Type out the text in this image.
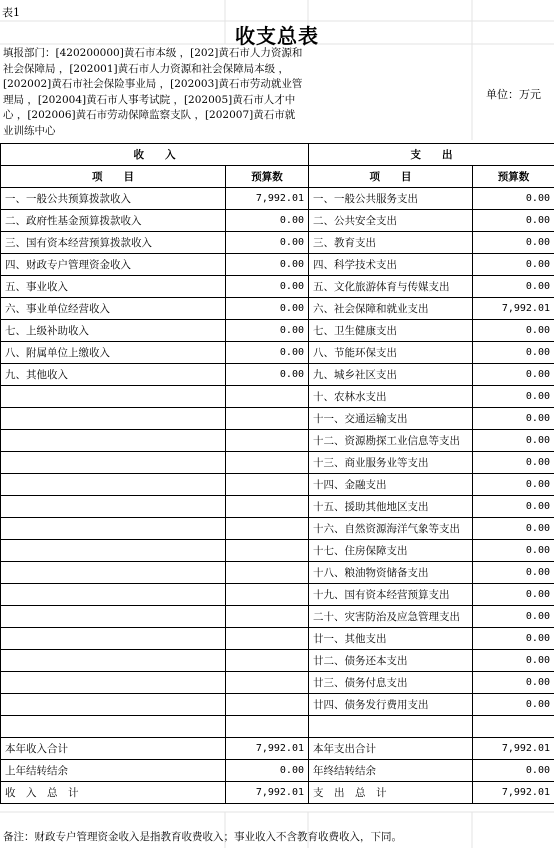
表1
收支总表
填报部门：[420200000]黄石市本级 ，[202]黄石市人力资源和社会保障局 ，[202001]黄石市人力资源和社会保障局本级 ，[202002]黄石市社会保险事业局 ，[202003]黄石市劳动就业管理局 ，[202004]黄石市人事考试院 ，[202005]黄石市人才中心 ，[202006]黄石市劳动保障监察支队 ，[202007]黄石市就业训练中心
单位：万元
收　　入		支　　出	
项　　目	预算数	项　　目	预算数
一、一般公共预算拨款收入	7,992.01	一、一般公共服务支出	0.00
二、政府性基金预算拨款收入	0.00	二、公共安全支出	0.00
三、国有资本经营预算拨款收入	0.00	三、教育支出	0.00
四、财政专户管理资金收入	0.00	四、科学技术支出	0.00
五、事业收入	0.00	五、文化旅游体育与传媒支出	0.00
六、事业单位经营收入	0.00	六、社会保障和就业支出	7,992.01
七、上级补助收入	0.00	七、卫生健康支出	0.00
八、附属单位上缴收入	0.00	八、节能环保支出	0.00
九、其他收入	0.00	九、城乡社区支出	0.00
		十、农林水支出	0.00
		十一、交通运输支出	0.00
		十二、资源勘探工业信息等支出	0.00
		十三、商业服务业等支出	0.00
		十四、金融支出	0.00
		十五、援助其他地区支出	0.00
		十六、自然资源海洋气象等支出	0.00
		十七、住房保障支出	0.00
		十八、粮油物资储备支出	0.00
		十九、国有资本经营预算支出	0.00
		二十、灾害防治及应急管理支出	0.00
		廿一、其他支出	0.00
		廿二、债务还本支出	0.00
		廿三、债务付息支出	0.00
		廿四、债务发行费用支出	0.00

本年收入合计	7,992.01	本年支出合计	7,992.01
上年结转结余	0.00	年终结转结余	0.00
收　入　总　计	7,992.01	支　出　总　计	7,992.01
备注：财政专户管理资金收入是指教育收费收入；事业收入不含教育收费收入，下同。
